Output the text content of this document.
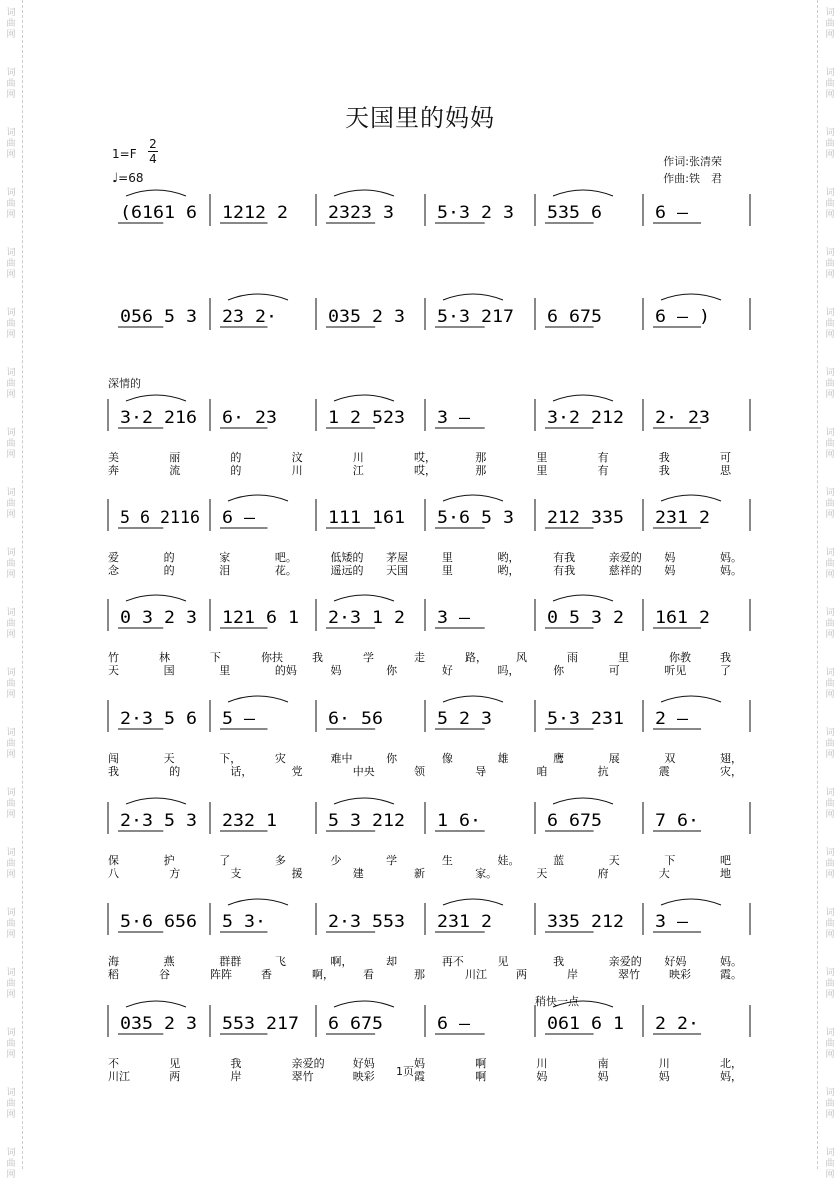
词
曲
网
词
曲
网
词
曲
网
词
曲
网
词
曲
网
词
曲
网
词
曲
网
词
曲
网
词
曲
网
词
曲
网
词
曲
网
词
曲
网
词
曲
网
词
曲
网
词
曲
网
词
曲
网
词
曲
网
词
曲
网
词
曲
网
词
曲
网
词
曲
网
词
曲
网
词
曲
网
词
曲
网
词
曲
网
词
曲
网
词
曲
网
词
曲
网
词
曲
网
词
曲
网
词
曲
网
词
曲
网
词
曲
网
词
曲
网
词
曲
网
词
曲
网
词
曲
网
词
曲
网
词
曲
网
词
曲
网
天国里的妈妈
1=F
2
4
♩=68
作词:张清荣
作曲:铁　君
深情的
稍快一点
1页
(6161 6 1212 2 2323 3	5·3 2 3 535 6	6 –
056 5 3 23 2·	035 2 3 5·3 217 6 675	6 – )
3·2 216 6· 23	1 2 523 3 –	3·2 212 2· 23
美	丽	的	汶	川	哎，	那	里	有	我	可
奔	流	的	川	江	哎，	那	里	有	我	思
5 6 2116 6 –	111 161 5·6 5 3 212 335 231 2
爱	的	家	吧。	低矮的 茅屋	里	哟，	有我	亲爱的 妈	妈。
念	的	泪	花。	遥远的 天国	里	哟，	有我	慈祥的 妈	妈。
0 3 2 3 121 6 1 2·3 1 2 3 –	0 5 3 2 161 2
竹	林	下	你扶	我	学	走	路，	风	雨	里	你教	我
天	国	里	的妈	妈	你	好	吗，	你	可	听见	了
2·3 5 6 5 –	6· 56	5 2 3	5·3 231 2 –
闯	天	下，	灾	难中	你	像	雄	鹰	展	双	翅，
我	的	话，	党	中央	领	导	咱	抗	震	灾，
2·3 5 3 232 1	5 3 212 1 6·	6 675	7 6·
保	护	了	多	少	学	生	娃。	蓝	天	下	吧
八	方	支	援	建	新	家。	天	府	大	地
5·6 656 5 3·	2·3 553 231 2	335 212 3 –
海	燕	群群	飞	啊，	却	再不	见	我	亲爱的 好妈	妈。
稻	谷	阵阵	香	啊，	看	那	川江	两	岸	翠竹	映彩	霞。
035 2 3 553 217 6 675	6 –	061 6 1 2 2·
不	见	我	亲爱的	好妈	妈	啊	川	南	川	北，
川江	两	岸	翠竹	映彩	霞	啊	妈	妈	妈	妈，
